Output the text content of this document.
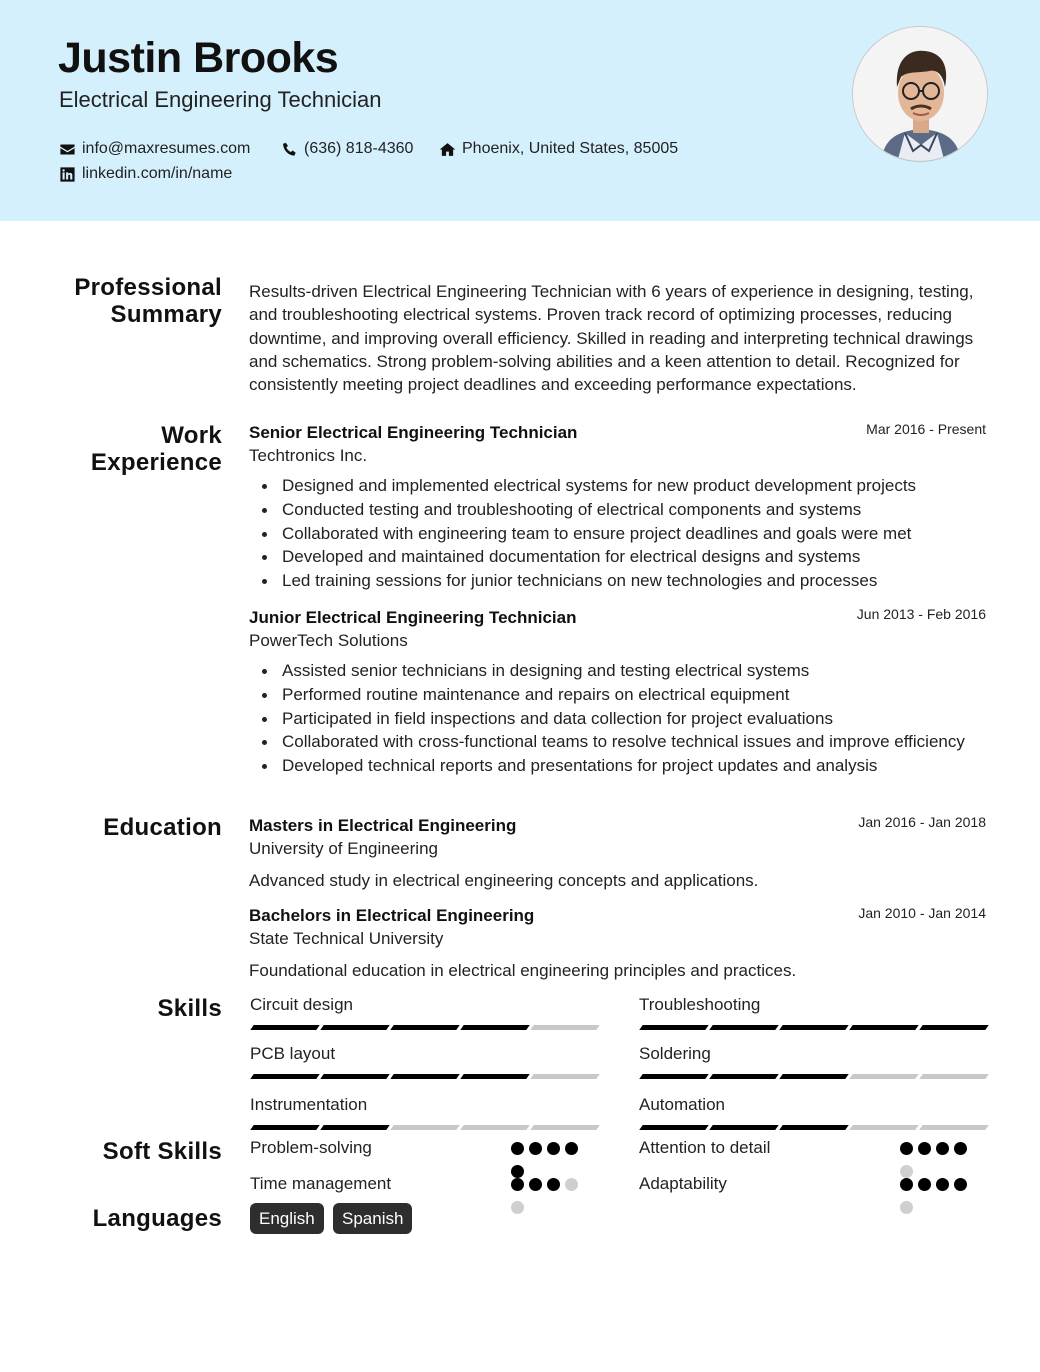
Justin Brooks
Electrical Engineering Technician
info@maxresumes.com	(636) 818-4360	Phoenix, United States, 85005
linkedin.com/in/name
Professional
Summary
Work
Experience
Education
Skills
Soft Skills
Languages
Results-driven Electrical Engineering Technician with 6 years of experience in designing, testing, and troubleshooting electrical systems. Proven track record of optimizing processes, reducing downtime, and improving overall efficiency. Skilled in reading and interpreting technical drawings and schematics. Strong problem-solving abilities and a keen attention to detail. Recognized for consistently meeting project deadlines and exceeding performance expectations.
Senior Electrical Engineering Technician	Mar 2016 - Present
Techtronics Inc.
Designed and implemented electrical systems for new product development projects
Conducted testing and troubleshooting of electrical components and systems
Collaborated with engineering team to ensure project deadlines and goals were met
Developed and maintained documentation for electrical designs and systems
Led training sessions for junior technicians on new technologies and processes
Junior Electrical Engineering Technician	Jun 2013 - Feb 2016
PowerTech Solutions
Assisted senior technicians in designing and testing electrical systems
Performed routine maintenance and repairs on electrical equipment
Participated in field inspections and data collection for project evaluations
Collaborated with cross-functional teams to resolve technical issues and improve efficiency
Developed technical reports and presentations for project updates and analysis
Masters in Electrical Engineering	Jan 2016 - Jan 2018
University of Engineering
Advanced study in electrical engineering concepts and applications.
Bachelors in Electrical Engineering	Jan 2010 - Jan 2014
State Technical University
Foundational education in electrical engineering principles and practices.
Circuit design	Troubleshooting
PCB layout	Soldering
Instrumentation	Automation
Problem-solving	Attention to detail
Time management	Adaptability
English	Spanish
